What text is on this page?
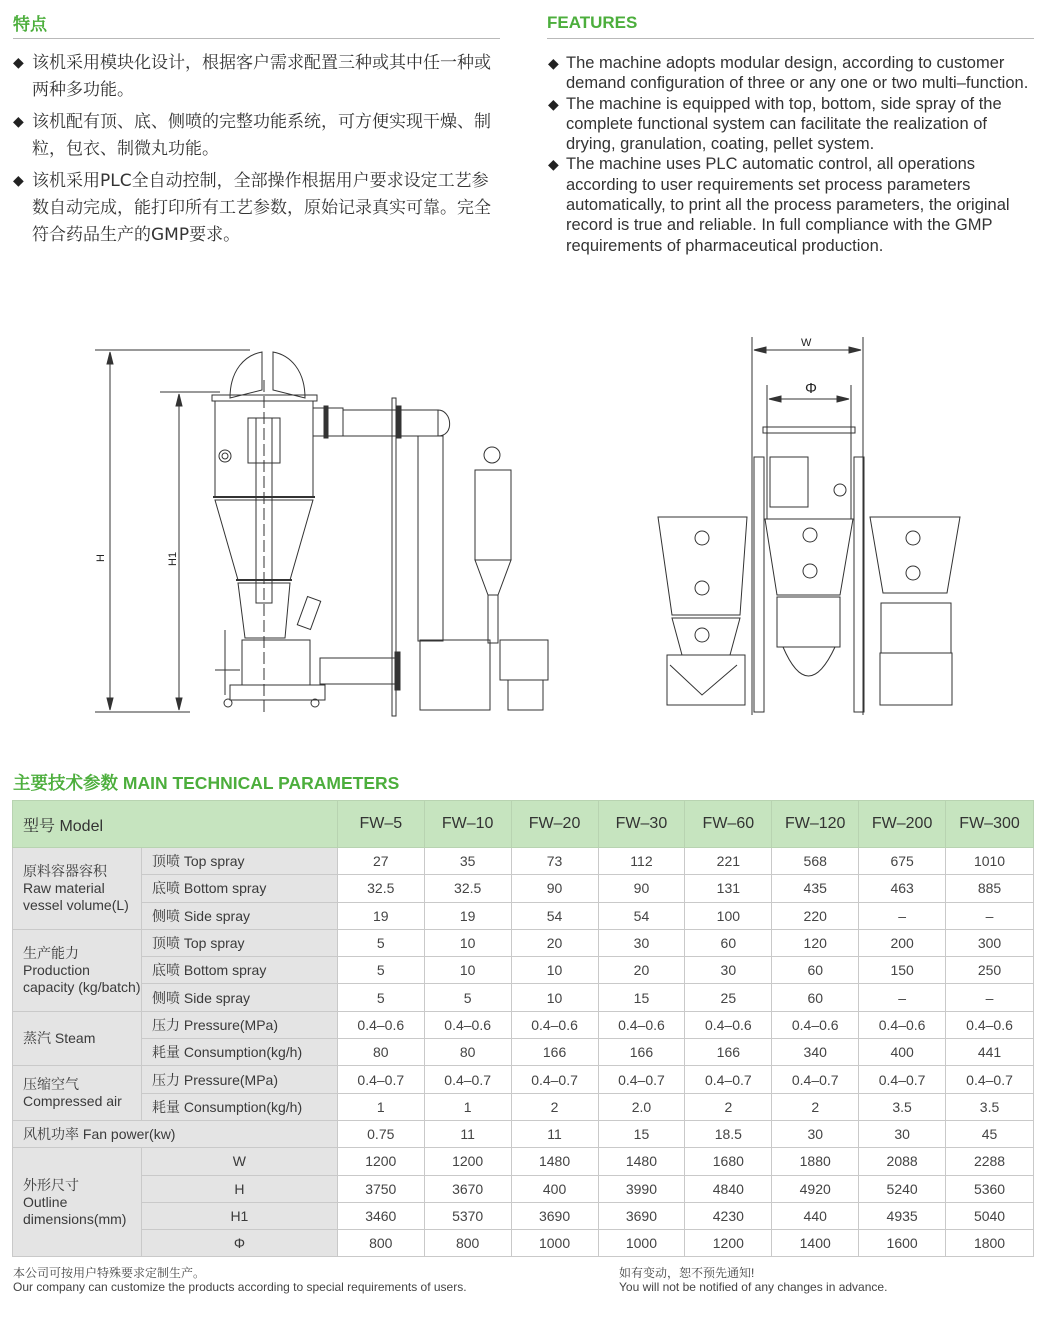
特点	FEATURES
◆ 该机采用模块化设计，根据客户需求配置三种或其中任一种或两种多功能。
◆ 该机配有顶、底、侧喷的完整功能系统，可方便实现干燥、制粒，包衣、制微丸功能。
◆ 该机采用PLC全自动控制，全部操作根据用户要求设定工艺参数自动完成，能打印所有工艺参数，原始记录真实可靠。完全符合药品生产的GMP要求。
◆ The machine adopts modular design, according to customer demand configuration of three or any one or two multi–function.
◆ The machine is equipped with top, bottom, side spray of the complete functional system can facilitate the realization of drying, granulation, coating, pellet system.
◆ The machine uses PLC automatic control, all operations according to user requirements set process parameters automatically, to print all the process parameters, the original record is true and reliable. In full compliance with the GMP requirements of pharmaceutical production.
H	H1
W
Φ
主要技术参数 MAIN TECHNICAL PARAMETERS
型号 Model		FW–5	FW–10	FW–20	FW–30	FW–60	FW–120	FW–200	FW–300
原料容器容积
Raw material vessel volume(L)	顶喷 Top spray	27	35	73	112	221	568	675	1010
	底喷 Bottom spray	32.5	32.5	90	90	131	435	463	885
	侧喷 Side spray	19	19	54	54	100	220	–	–
生产能力
Production capacity (kg/batch)	顶喷 Top spray	5	10	20	30	60	120	200	300
	底喷 Bottom spray	5	10	10	20	30	60	150	250
	侧喷 Side spray	5	5	10	15	25	60	–	–
蒸汽 Steam	压力 Pressure(MPa)	0.4–0.6	0.4–0.6	0.4–0.6	0.4–0.6	0.4–0.6	0.4–0.6	0.4–0.6	0.4–0.6
	耗量 Consumption(kg/h)	80	80	166	166	166	340	400	441
压缩空气
Compressed air	压力 Pressure(MPa)	0.4–0.7	0.4–0.7	0.4–0.7	0.4–0.7	0.4–0.7	0.4–0.7	0.4–0.7	0.4–0.7
	耗量 Consumption(kg/h)	1	1	2	2.0	2	2	3.5	3.5
风机功率 Fan power(kw)		0.75	11	11	15	18.5	30	30	45
外形尺寸
Outline dimensions(mm)	W	1200	1200	1480	1480	1680	1880	2088	2288
	H	3750	3670	400	3990	4840	4920	5240	5360
	H1	3460	5370	3690	3690	4230	440	4935	5040
	Φ	800	800	1000	1000	1200	1400	1600	1800
本公司可按用户特殊要求定制生产。
Our company can customize the products according to special requirements of users.
如有变动，恕不预先通知!
You will not be notified of any changes in advance.
